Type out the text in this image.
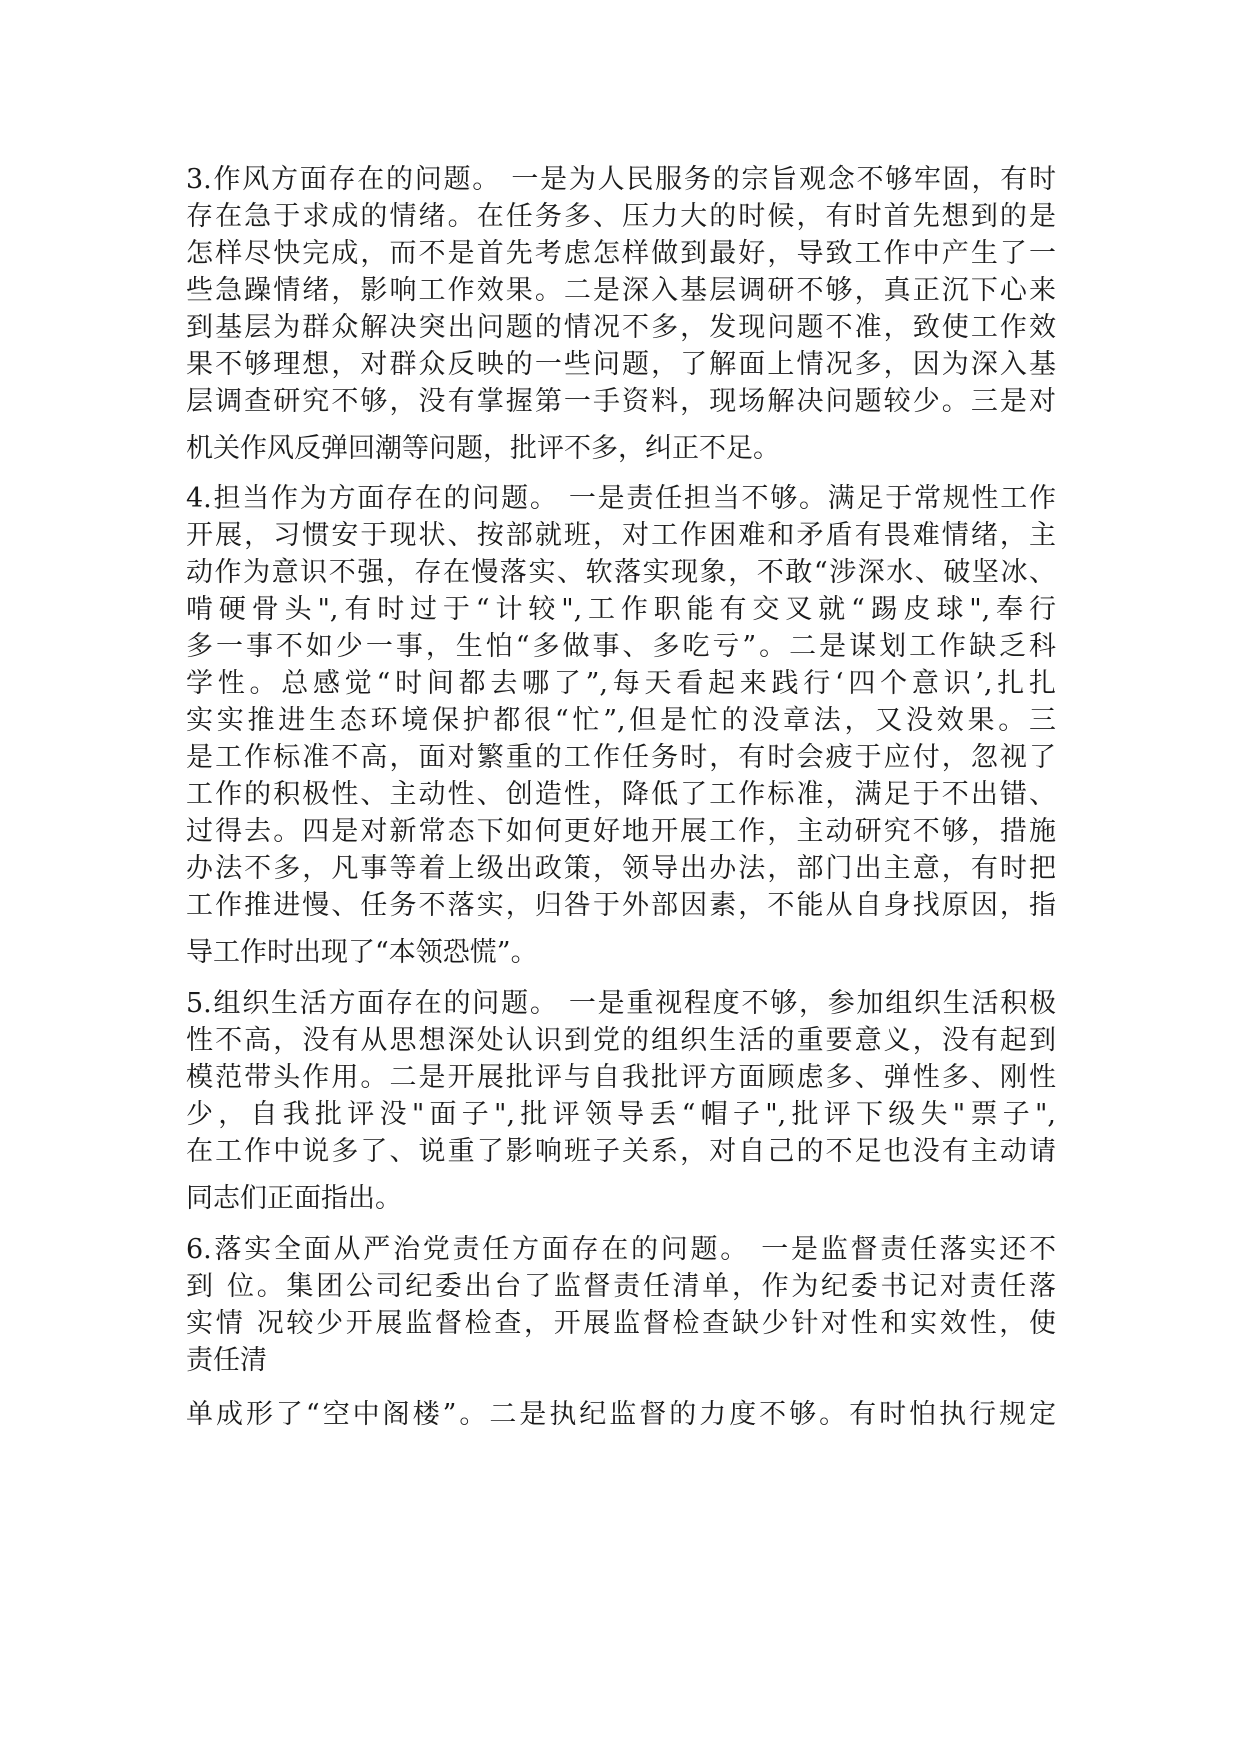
3.作风方面存在的问题。 一是为人民服务的宗旨观念不够牢固，有时
存在急于求成的情绪。在任务多、压力大的时候，有时首先想到的是
怎样尽快完成，而不是首先考虑怎样做到最好，导致工作中产生了一
些急躁情绪，影响工作效果。二是深入基层调研不够，真正沉下心来
到基层为群众解决突出问题的情况不多，发现问题不准，致使工作效
果不够理想，对群众反映的一些问题，了解面上情况多，因为深入基
层调查研究不够，没有掌握第一手资料，现场解决问题较少。三是对
机关作风反弹回潮等问题，批评不多，纠正不足。
4.担当作为方面存在的问题。 一是责任担当不够。满足于常规性工作
开展，习惯安于现状、按部就班，对工作困难和矛盾有畏难情绪，主
动作为意识不强，存在慢落实、软落实现象，不敢“涉深水、破坚冰、
啃硬骨头",有时过于“计较",工作职能有交叉就“踢皮球",奉行
多一事不如少一事，生怕“多做事、多吃亏”。二是谋划工作缺乏科
学性。总感觉“时间都去哪了”,每天看起来践行‘四个意识’,扎扎
实实推进生态环境保护都很“忙”,但是忙的没章法，又没效果。三
是工作标准不高，面对繁重的工作任务时，有时会疲于应付，忽视了
工作的积极性、主动性、创造性，降低了工作标准，满足于不出错、
过得去。四是对新常态下如何更好地开展工作，主动研究不够，措施
办法不多，凡事等着上级出政策，领导出办法，部门出主意，有时把
工作推进慢、任务不落实，归咎于外部因素，不能从自身找原因，指
导工作时出现了“本领恐慌”。
5.组织生活方面存在的问题。 一是重视程度不够，参加组织生活积极
性不高，没有从思想深处认识到党的组织生活的重要意义，没有起到
模范带头作用。二是开展批评与自我批评方面顾虑多、弹性多、刚性
少，自我批评没"面子",批评领导丢“帽子",批评下级失"票子",
在工作中说多了、说重了影响班子关系，对自己的不足也没有主动请
同志们正面指出。
6.落实全面从严治党责任方面存在的问题。 一是监督责任落实还不
到 位。集团公司纪委出台了监督责任清单，作为纪委书记对责任落
实情 况较少开展监督检查，开展监督检查缺少针对性和实效性，使
责任清
单成形了“空中阁楼”。二是执纪监督的力度不够。有时怕执行规定
